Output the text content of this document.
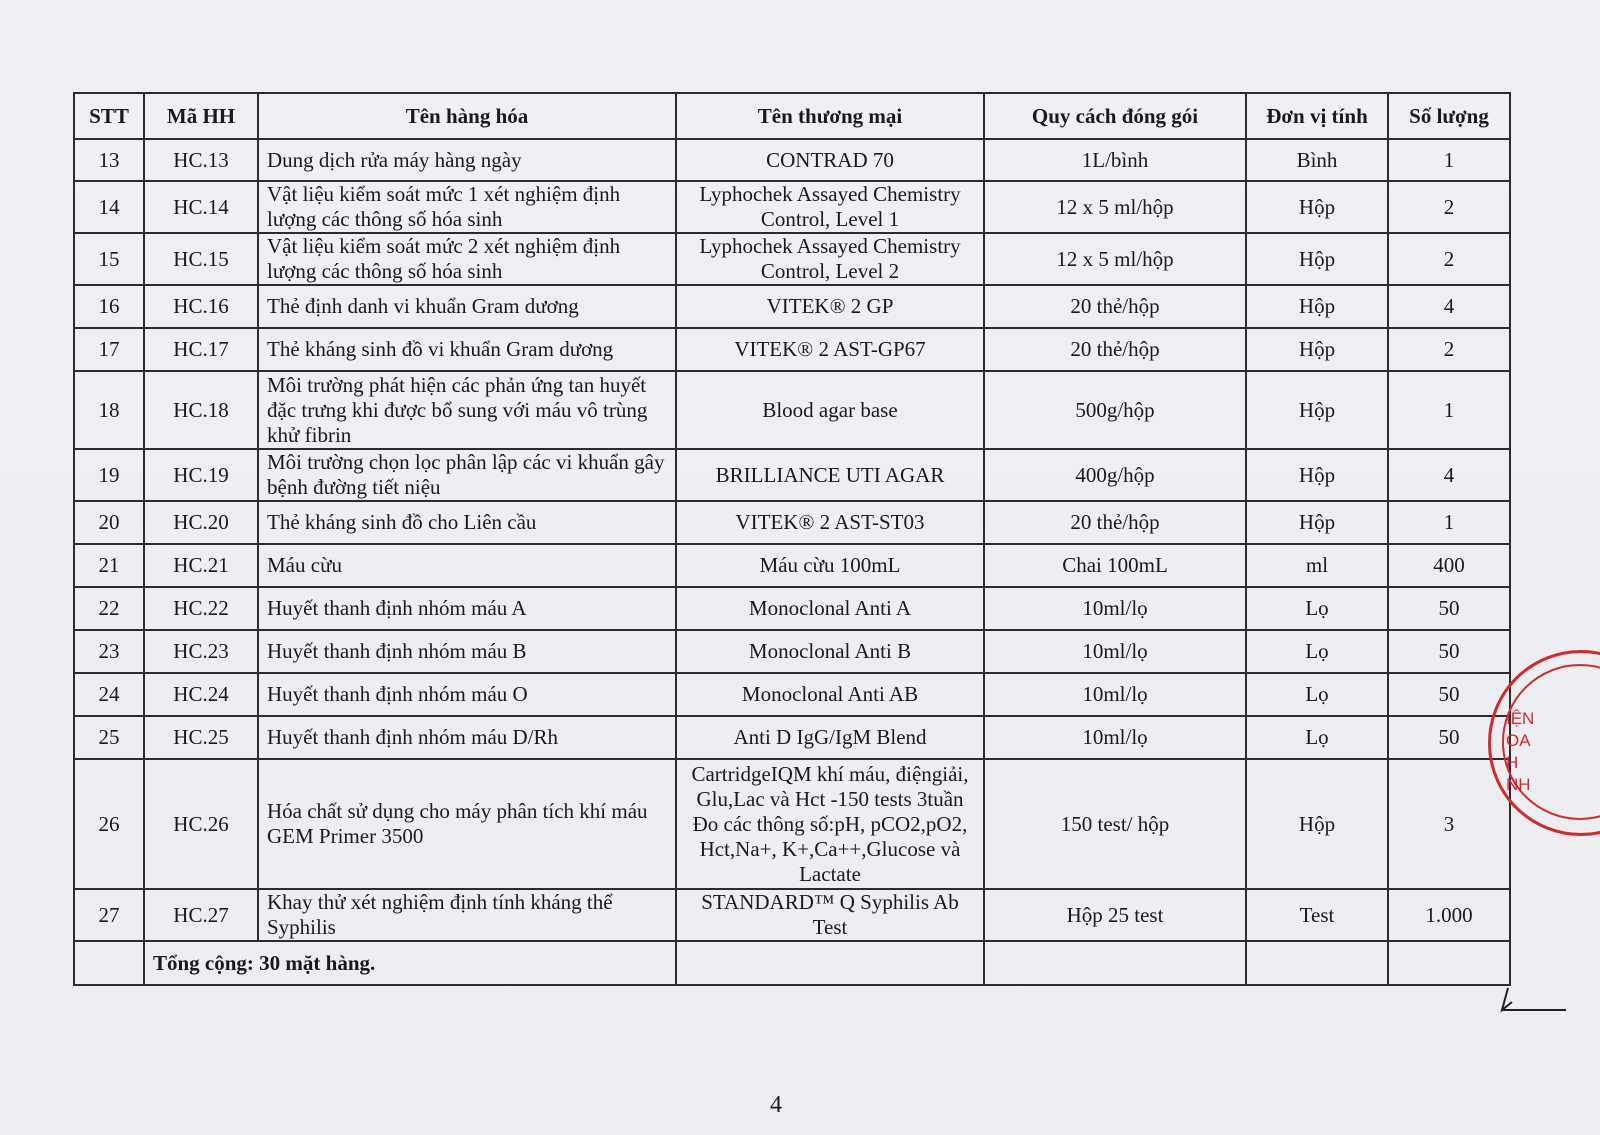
STT	Mã HH	Tên hàng hóa	Tên thương mại	Quy cách đóng gói	Đơn vị tính	Số lượng
13	HC.13	Dung dịch rửa máy hàng ngày	CONTRAD 70	1L/bình	Bình	1
14	HC.14	Vật liệu kiểm soát mức 1 xét nghiệm định lượng các thông số hóa sinh	Lyphochek Assayed Chemistry Control, Level 1	12 x 5 ml/hộp	Hộp	2
15	HC.15	Vật liệu kiểm soát mức 2 xét nghiệm định lượng các thông số hóa sinh	Lyphochek Assayed Chemistry Control, Level 2	12 x 5 ml/hộp	Hộp	2
16	HC.16	Thẻ định danh vi khuẩn Gram dương	VITEK® 2 GP	20 thẻ/hộp	Hộp	4
17	HC.17	Thẻ kháng sinh đồ vi khuẩn Gram dương	VITEK® 2 AST-GP67	20 thẻ/hộp	Hộp	2
18	HC.18	Môi trường phát hiện các phản ứng tan huyết đặc trưng khi được bổ sung với máu vô trùng khử fibrin	Blood agar base	500g/hộp	Hộp	1
19	HC.19	Môi trường chọn lọc phân lập các vi khuẩn gây bệnh đường tiết niệu	BRILLIANCE UTI AGAR	400g/hộp	Hộp	4
20	HC.20	Thẻ kháng sinh đồ cho Liên cầu	VITEK® 2 AST-ST03	20 thẻ/hộp	Hộp	1
21	HC.21	Máu cừu	Máu cừu 100mL	Chai 100mL	ml	400
22	HC.22	Huyết thanh định nhóm máu A	Monoclonal Anti A	10ml/lọ	Lọ	50
23	HC.23	Huyết thanh định nhóm máu B	Monoclonal Anti B	10ml/lọ	Lọ	50
24	HC.24	Huyết thanh định nhóm máu O	Monoclonal Anti AB	10ml/lọ	Lọ	50
25	HC.25	Huyết thanh định nhóm máu D/Rh	Anti D IgG/IgM Blend	10ml/lọ	Lọ	50
26	HC.26	Hóa chất sử dụng cho máy phân tích khí máu GEM Primer 3500	CartridgeIQM khí máu, điệngiải, Glu,Lac và Hct -150 tests 3tuần Đo các thông số:pH, pCO2,pO2, Hct,Na+, K+,Ca++,Glucose và Lactate	150 test/ hộp	Hộp	3
27	HC.27	Khay thử xét nghiệm định tính kháng thể Syphilis	STANDARD™ Q Syphilis Ab Test	Hộp 25 test	Test	1.000
	Tổng cộng: 30 mặt hàng.					
IỆN
OA
H
NH
4
